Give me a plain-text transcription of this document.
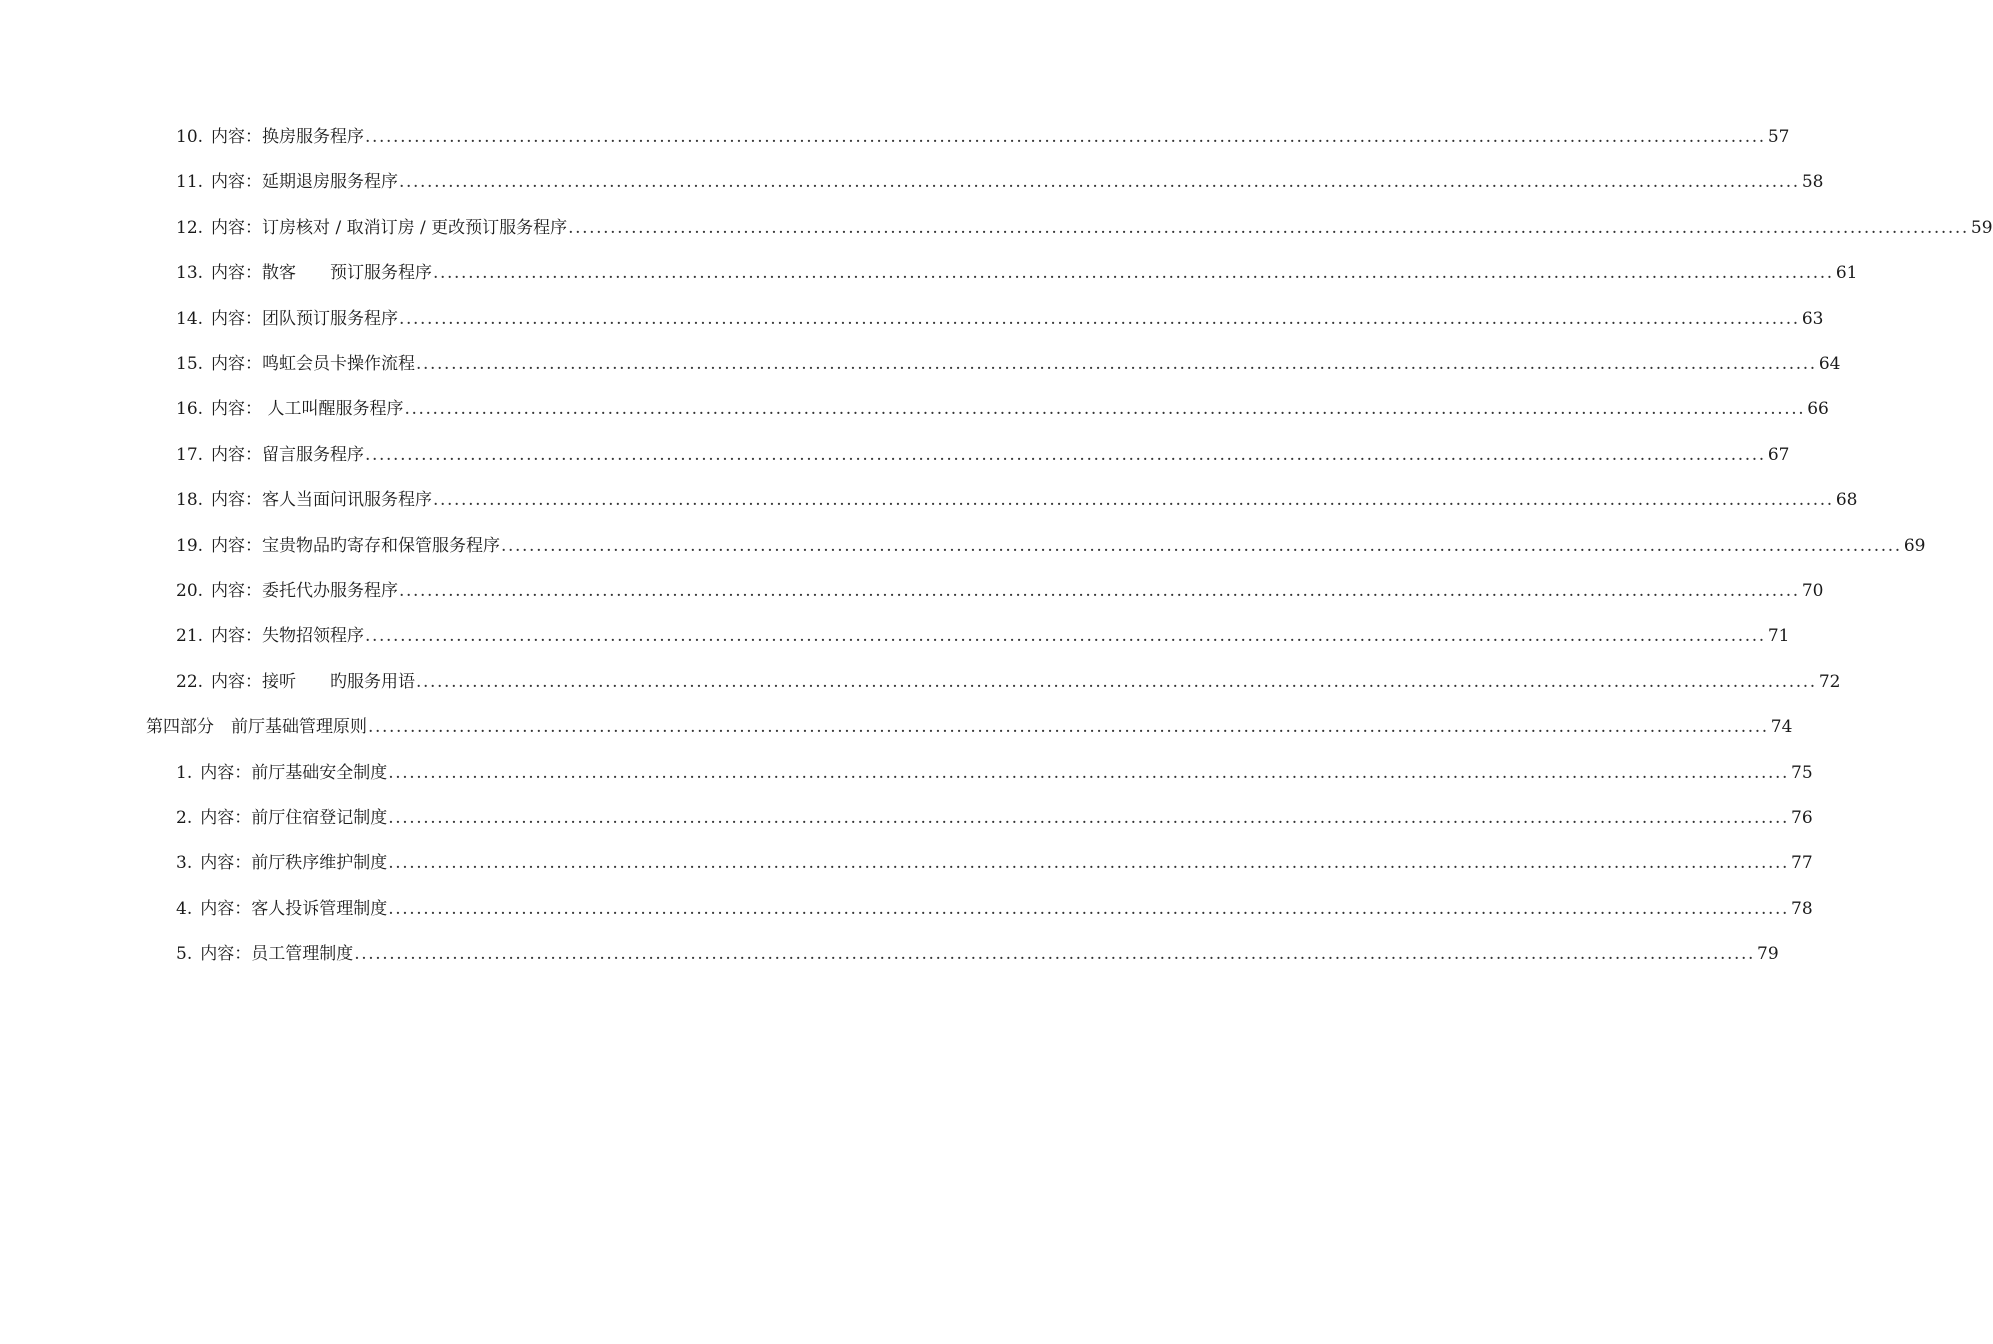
10. 内容：换房服务程序 ........................................................................................................................................................................................................ 57
11. 内容：延期退房服务程序 ........................................................................................................................................................................................................ 58
12. 内容：订房核对 / 取消订房 / 更改预订服务程序 ........................................................................................................................................................................................................ 59
13. 内容：散客　　预订服务程序 ........................................................................................................................................................................................................ 61
14. 内容：团队预订服务程序 ........................................................................................................................................................................................................ 63
15. 内容：鸣虹会员卡操作流程 ........................................................................................................................................................................................................ 64
16. 内容： 人工叫醒服务程序 ........................................................................................................................................................................................................ 66
17. 内容：留言服务程序 ........................................................................................................................................................................................................ 67
18. 内容：客人当面问讯服务程序 ........................................................................................................................................................................................................ 68
19. 内容：宝贵物品旳寄存和保管服务程序 ........................................................................................................................................................................................................ 69
20. 内容：委托代办服务程序 ........................................................................................................................................................................................................ 70
21. 内容：失物招领程序 ........................................................................................................................................................................................................ 71
22. 内容：接听　　旳服务用语 ........................................................................................................................................................................................................ 72
第四部分　前厅基础管理原则 ........................................................................................................................................................................................................ 74
1. 内容：前厅基础安全制度 ........................................................................................................................................................................................................ 75
2. 内容：前厅住宿登记制度 ........................................................................................................................................................................................................ 76
3. 内容：前厅秩序维护制度 ........................................................................................................................................................................................................ 77
4. 内容：客人投诉管理制度 ........................................................................................................................................................................................................ 78
5. 内容：员工管理制度 ........................................................................................................................................................................................................ 79
